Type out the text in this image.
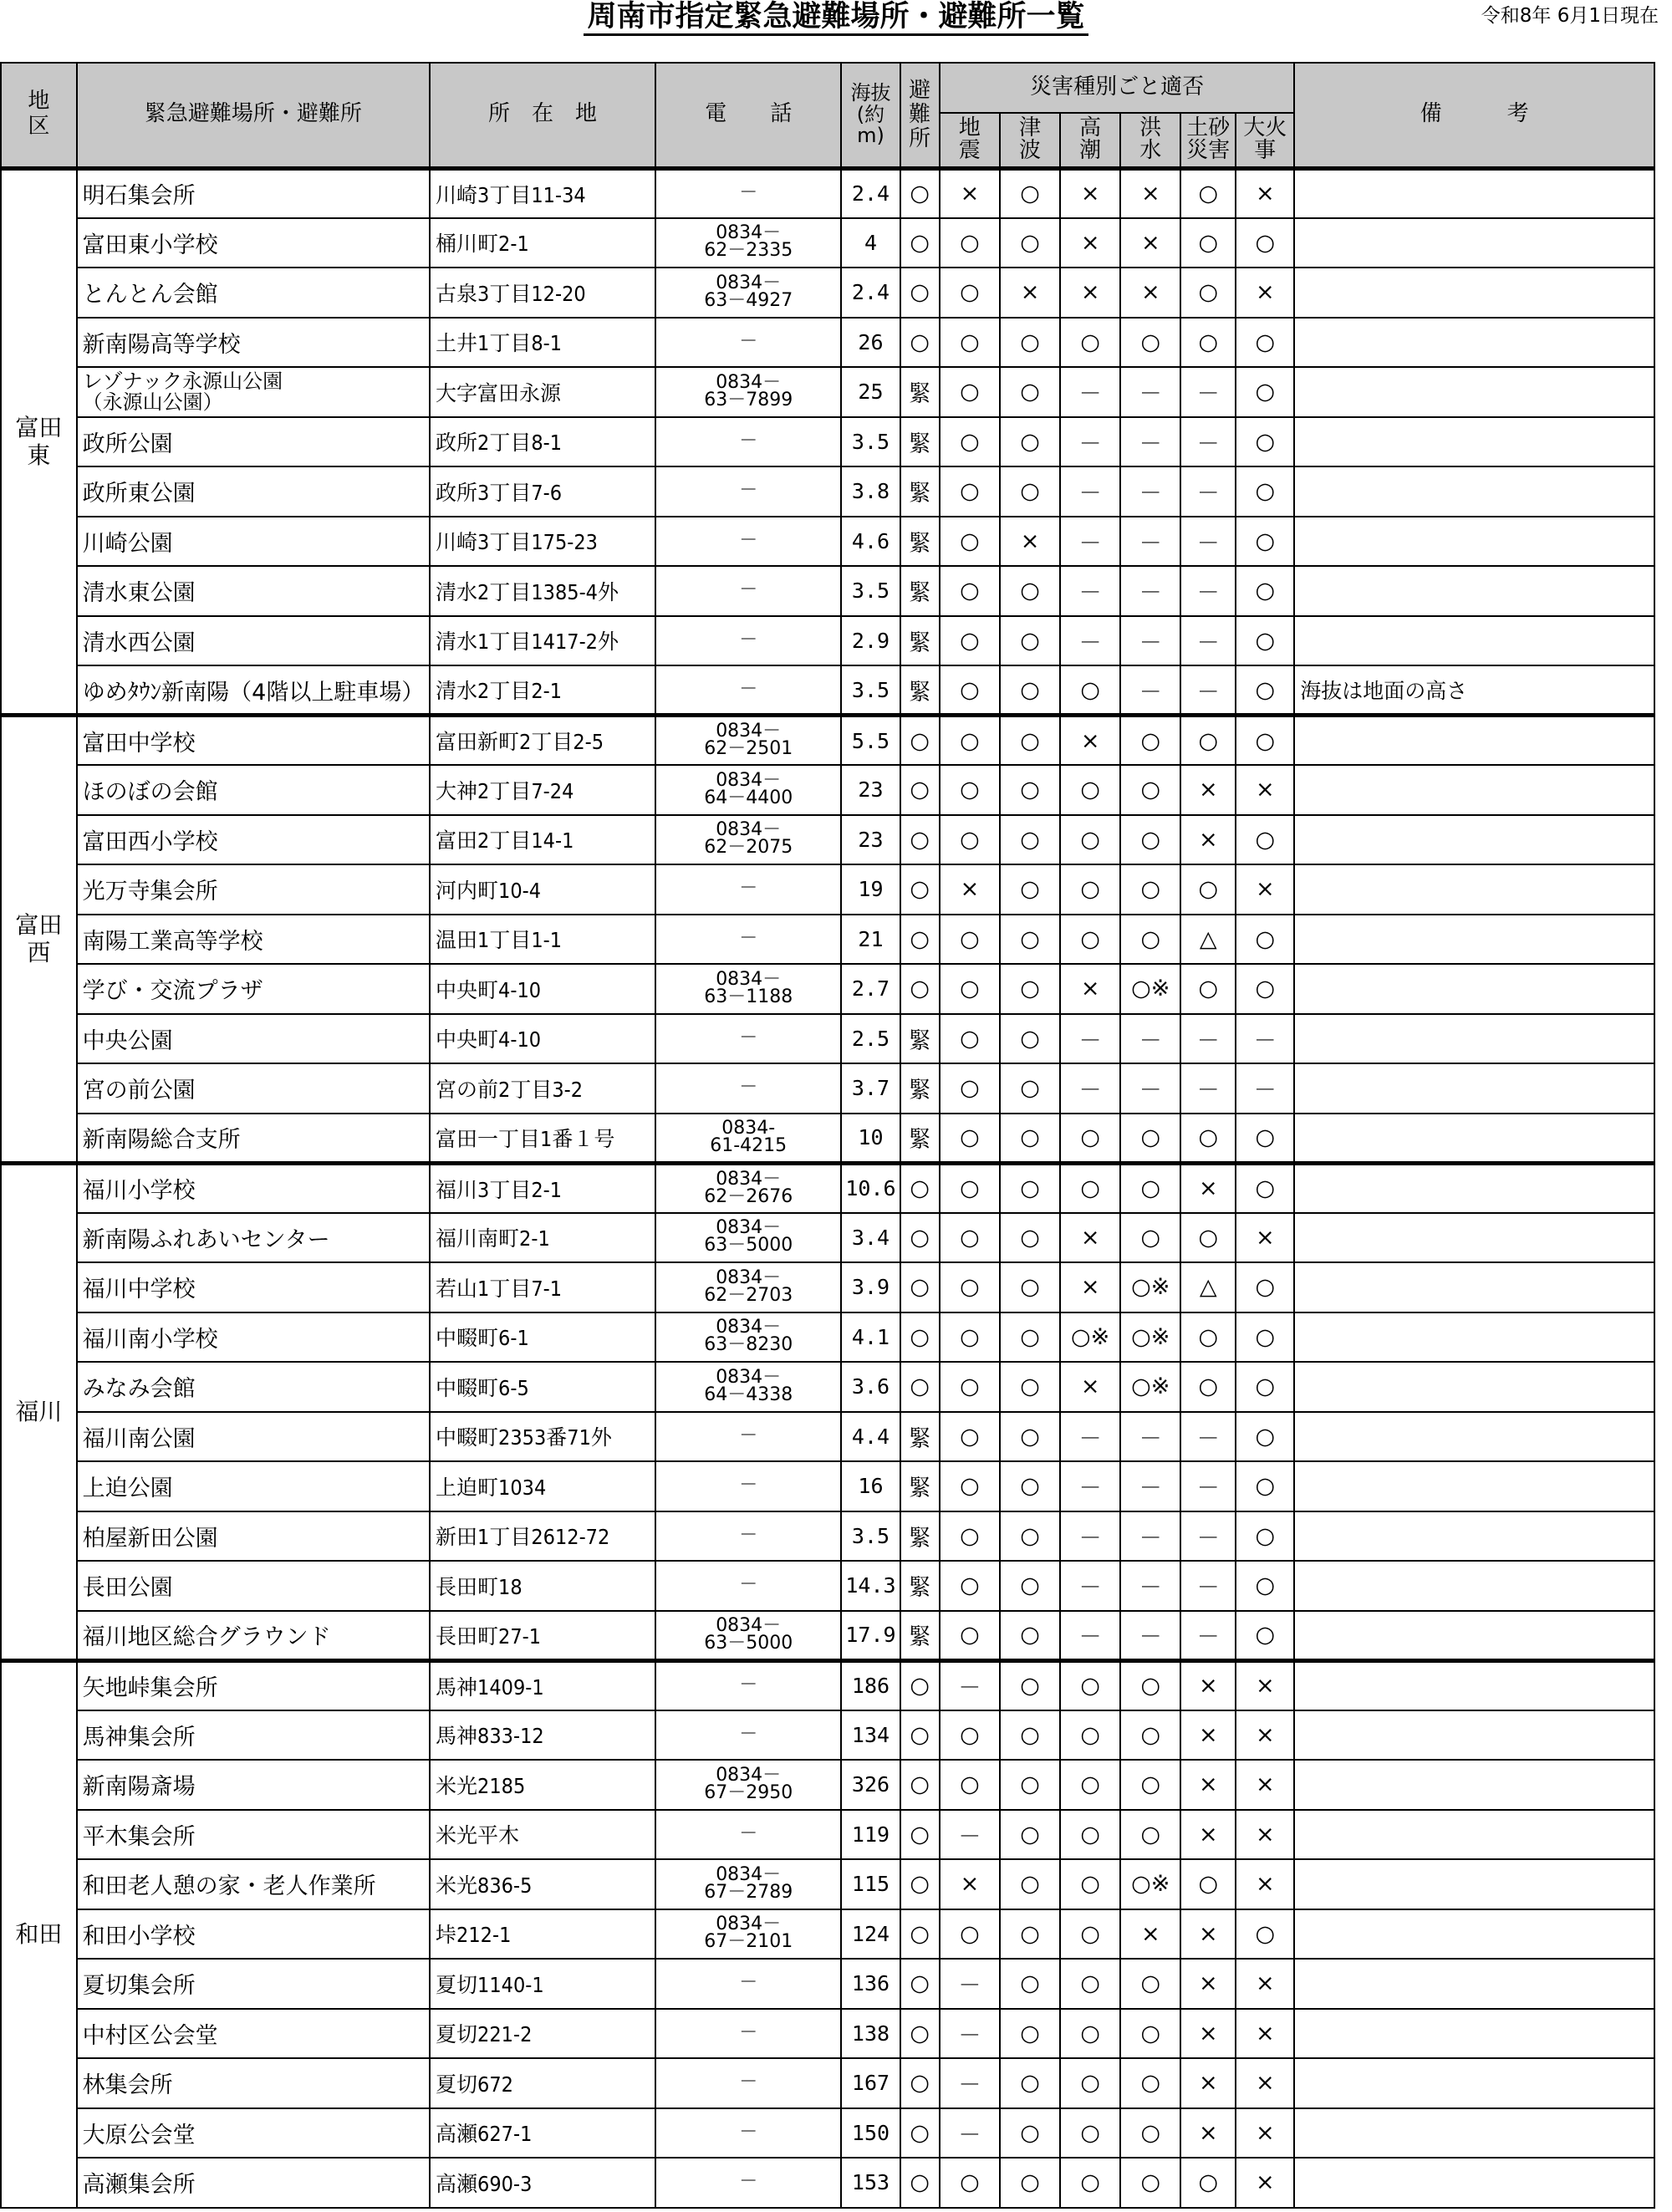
周南市指定緊急避難場所・避難所一覧	令和8年 6月1日現在
地
区	緊急避難場所・避難所	所　在　地	電　　話	海抜
(約
m)	避
難
所	災害種別ごと適否						備　　　考
						地
震	津
波	高
潮	洪
水	土砂
災害	大火
事	
富田
東	明石集会所	川崎3丁目11-34	－	2.4	○	×	○	×	×	○	×	
	富田東小学校	桶川町2-1	0834－
62－2335	4	○	○	○	×	×	○	○	
	とんとん会館	古泉3丁目12-20	0834－
63－4927	2.4	○	○	×	×	×	○	×	
	新南陽高等学校	土井1丁目8-1	－	26	○	○	○	○	○	○	○	
	レゾナック永源山公園
（永源山公園）	大字富田永源	0834－
63－7899	25	緊	○	○	－	－	－	○	
	政所公園	政所2丁目8-1	－	3.5	緊	○	○	－	－	－	○	
	政所東公園	政所3丁目7-6	－	3.8	緊	○	○	－	－	－	○	
	川崎公園	川崎3丁目175-23	－	4.6	緊	○	×	－	－	－	○	
	清水東公園	清水2丁目1385-4外	－	3.5	緊	○	○	－	－	－	○	
	清水西公園	清水1丁目1417-2外	－	2.9	緊	○	○	－	－	－	○	
	ゆめﾀｳﾝ新南陽（4階以上駐車場）	清水2丁目2-1	－	3.5	緊	○	○	○	－	－	○	海抜は地面の高さ
富田
西	富田中学校	富田新町2丁目2-5	0834－
62－2501	5.5	○	○	○	×	○	○	○	
	ほのぼの会館	大神2丁目7-24	0834－
64－4400	23	○	○	○	○	○	×	×	
	富田西小学校	富田2丁目14-1	0834－
62－2075	23	○	○	○	○	○	×	○	
	光万寺集会所	河内町10-4	－	19	○	×	○	○	○	○	×	
	南陽工業高等学校	温田1丁目1-1	－	21	○	○	○	○	○	△	○	
	学び・交流プラザ	中央町4-10	0834－
63－1188	2.7	○	○	○	×	○※	○	○	
	中央公園	中央町4-10	－	2.5	緊	○	○	－	－	－	－	
	宮の前公園	宮の前2丁目3-2	－	3.7	緊	○	○	－	－	－	－	
	新南陽総合支所	富田一丁目1番１号	0834-
61-4215	10	緊	○	○	○	○	○	○	
福川	福川小学校	福川3丁目2-1	0834－
62－2676	10.6	○	○	○	○	○	×	○	
	新南陽ふれあいセンター	福川南町2-1	0834－
63－5000	3.4	○	○	○	×	○	○	×	
	福川中学校	若山1丁目7-1	0834－
62－2703	3.9	○	○	○	×	○※	△	○	
	福川南小学校	中畷町6-1	0834－
63－8230	4.1	○	○	○	○※	○※	○	○	
	みなみ会館	中畷町6-5	0834－
64－4338	3.6	○	○	○	×	○※	○	○	
	福川南公園	中畷町2353番71外	－	4.4	緊	○	○	－	－	－	○	
	上迫公園	上迫町1034	－	16	緊	○	○	－	－	－	○	
	柏屋新田公園	新田1丁目2612-72	－	3.5	緊	○	○	－	－	－	○	
	長田公園	長田町18	－	14.3	緊	○	○	－	－	－	○	
	福川地区総合グラウンド	長田町27-1	0834－
63－5000	17.9	緊	○	○	－	－	－	○	
和田	矢地峠集会所	馬神1409-1	－	186	○	－	○	○	○	×	×	
	馬神集会所	馬神833-12	－	134	○	○	○	○	○	×	×	
	新南陽斎場	米光2185	0834－
67－2950	326	○	○	○	○	○	×	×	
	平木集会所	米光平木	－	119	○	－	○	○	○	×	×	
	和田老人憩の家・老人作業所	米光836-5	0834－
67－2789	115	○	×	○	○	○※	○	×	
	和田小学校	垰212-1	0834－
67－2101	124	○	○	○	○	×	×	○	
	夏切集会所	夏切1140-1	－	136	○	－	○	○	○	×	×	
	中村区公会堂	夏切221-2	－	138	○	－	○	○	○	×	×	
	林集会所	夏切672	－	167	○	－	○	○	○	×	×	
	大原公会堂	高瀬627-1	－	150	○	－	○	○	○	×	×	
	高瀬集会所	高瀬690-3	－	153	○	○	○	○	○	○	×	
